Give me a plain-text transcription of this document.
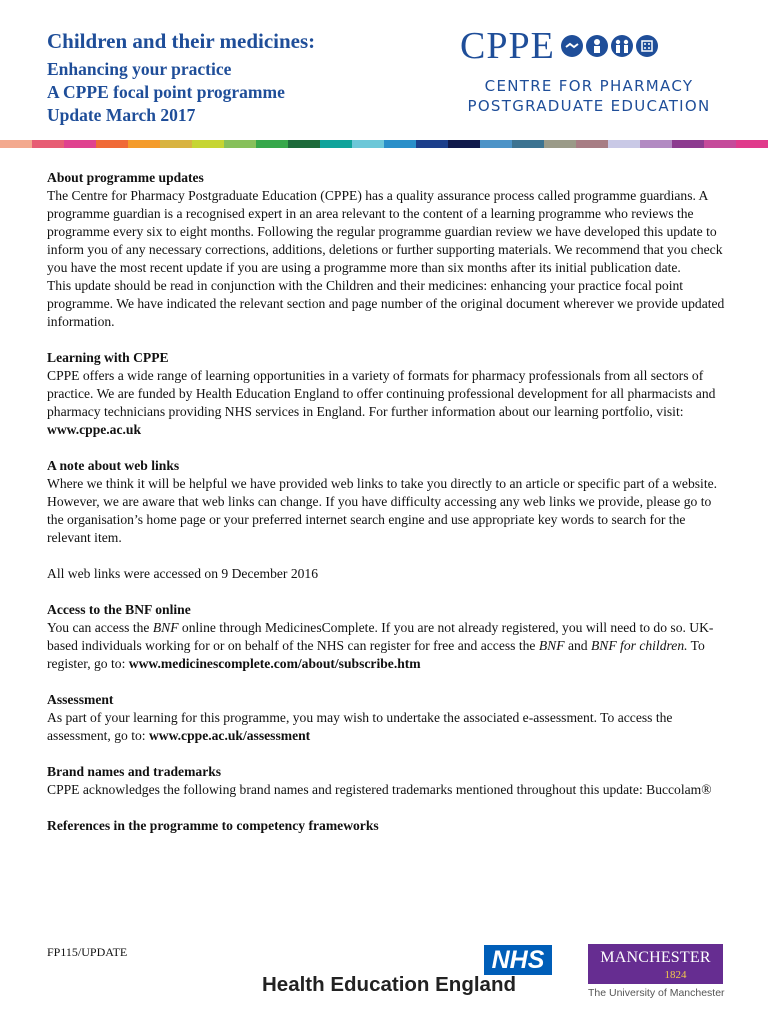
Children and their medicines:
Enhancing your practice
A CPPE focal point programme
Update March 2017
CPPE
CENTRE FOR PHARMACY
POSTGRADUATE EDUCATION
About programme updates

The Centre for Pharmacy Postgraduate Education (CPPE) has a quality assurance process called programme guardians. A programme guardian is a recognised expert in an area relevant to the content of a learning programme who reviews the programme every six to eight months. Following the regular programme guardian review we have developed this update to inform you of any necessary corrections, additions, deletions or further supporting materials. We recommend that you check you have the most recent update if you are using a programme more than six months after its initial publication date.

This update should be read in conjunction with the Children and their medicines: enhancing your practice focal point programme. We have indicated the relevant section and page number of the original document wherever we provide updated information.

Learning with CPPE

CPPE offers a wide range of learning opportunities in a variety of formats for pharmacy professionals from all sectors of practice. We are funded by Health Education England to offer continuing professional development for all pharmacists and pharmacy technicians providing NHS services in England. For further information about our learning portfolio, visit: www.cppe.ac.uk

A note about web links

Where we think it will be helpful we have provided web links to take you directly to an article or specific part of a website. However, we are aware that web links can change. If you have difficulty accessing any web links we provide, please go to the organisation’s home page or your preferred internet search engine and use appropriate key words to search for the relevant item.

All web links were accessed on 9 December 2016

Access to the BNF online

You can access the BNF online through MedicinesComplete. If you are not already registered, you will need to do so. UK-based individuals working for or on behalf of the NHS can register for free and access the BNF and BNF for children. To register, go to: www.medicinescomplete.com/about/subscribe.htm

Assessment

As part of your learning for this programme, you may wish to undertake the associated e-assessment. To access the assessment, go to: www.cppe.ac.uk/assessment

Brand names and trademarks

CPPE acknowledges the following brand names and registered trademarks mentioned throughout this update: Buccolam®

References in the programme to competency frameworks
FP115/UPDATE	NHS
Health Education England
MANCHESTER
1824
The University of Manchester
